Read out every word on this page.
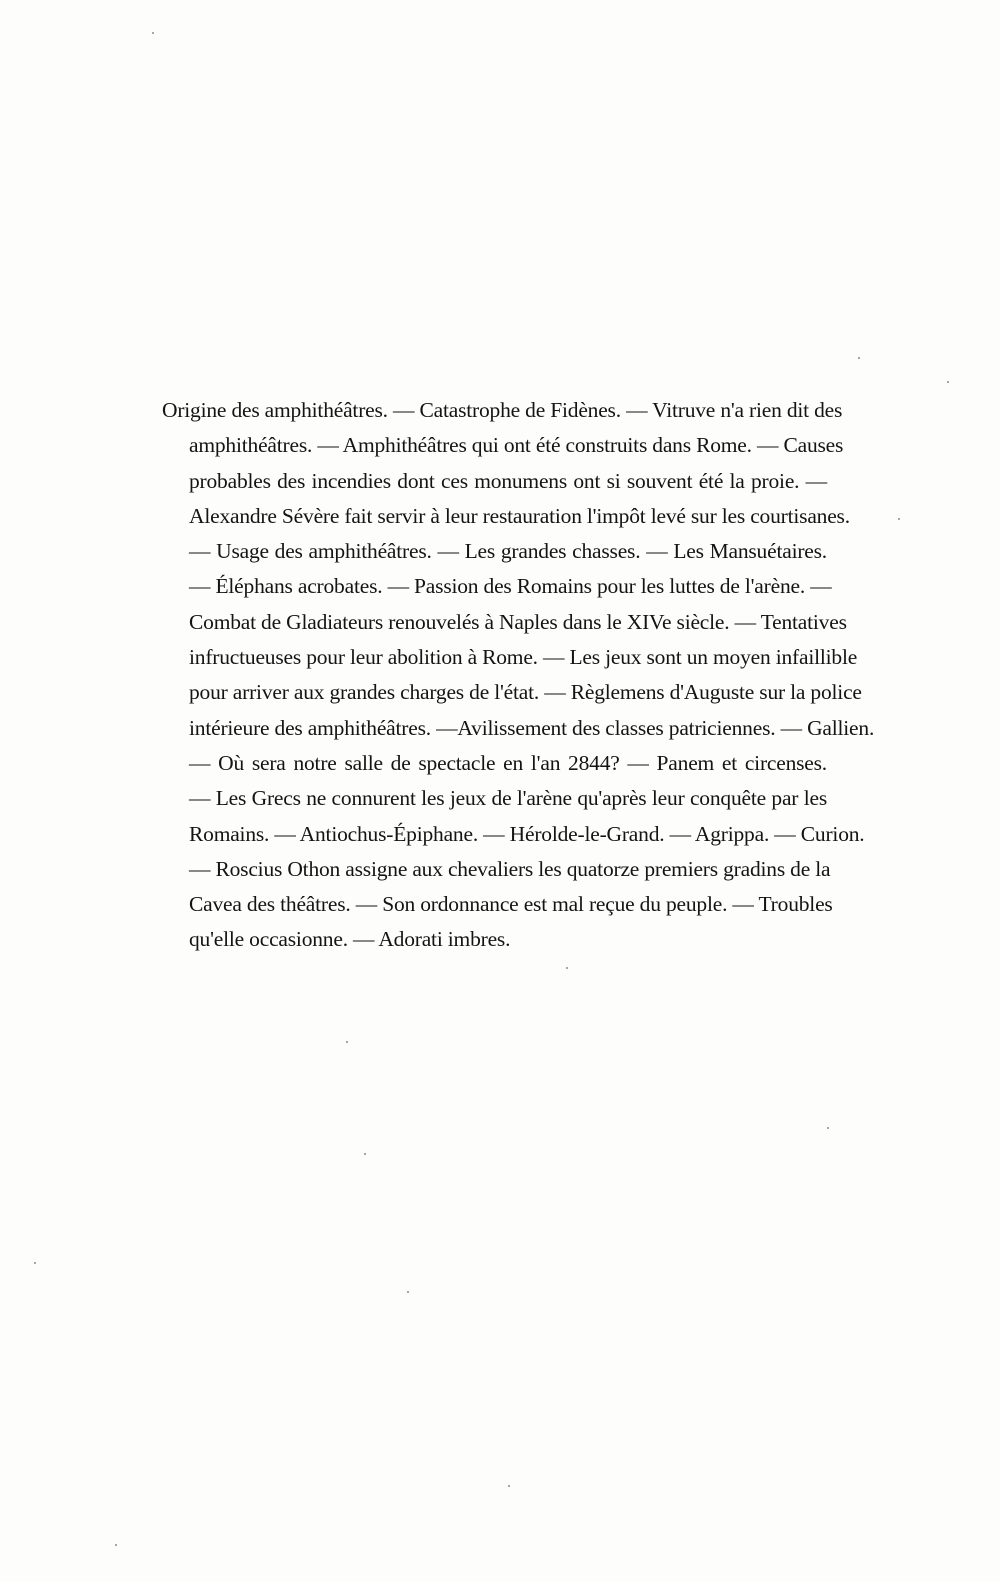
Origine des amphithéâtres. — Catastrophe de Fidènes. — Vitruve n'a rien dit des
amphithéâtres. — Amphithéâtres qui ont été construits dans Rome. — Causes
probables des incendies dont ces monumens ont si souvent été la proie. —
Alexandre Sévère fait servir à leur restauration l'impôt levé sur les courtisanes.
— Usage des amphithéâtres. — Les grandes chasses. — Les Mansuétaires.
— Éléphans acrobates. — Passion des Romains pour les luttes de l'arène. —
Combat de Gladiateurs renouvelés à Naples dans le XIVe siècle. — Tentatives
infructueuses pour leur abolition à Rome. — Les jeux sont un moyen infaillible
pour arriver aux grandes charges de l'état. — Règlemens d'Auguste sur la police
intérieure des amphithéâtres. —Avilissement des classes patriciennes. — Gallien.
— Où sera notre salle de spectacle en l'an 2844? — Panem et circenses.
— Les Grecs ne connurent les jeux de l'arène qu'après leur conquête par les
Romains. — Antiochus-Épiphane. — Hérolde-le-Grand. — Agrippa. — Curion.
— Roscius Othon assigne aux chevaliers les quatorze premiers gradins de la
Cavea des théâtres. — Son ordonnance est mal reçue du peuple. — Troubles
qu'elle occasionne. — Adorati imbres.
